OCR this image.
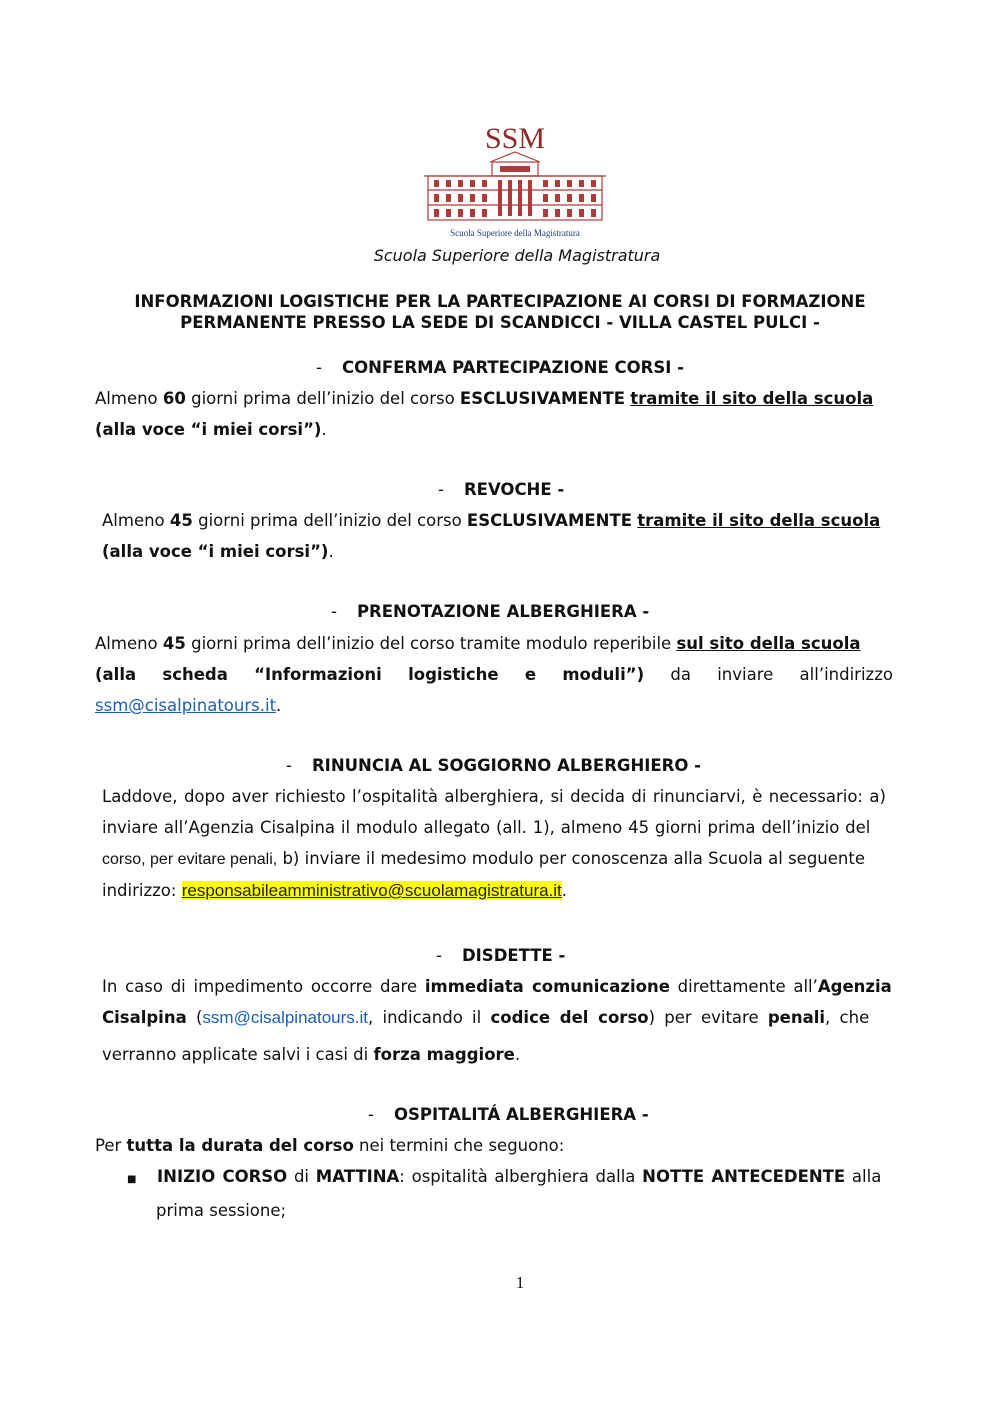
SSM
Scuola Superiore della Magistratura
Scuola Superiore della Magistratura
INFORMAZIONI LOGISTICHE PER LA PARTECIPAZIONE AI CORSI DI FORMAZIONE
PERMANENTE PRESSO LA SEDE DI SCANDICCI - VILLA CASTEL PULCI -
- CONFERMA PARTECIPAZIONE CORSI -
Almeno 60 giorni prima dell’inizio del corso ESCLUSIVAMENTE tramite il sito della scuola
(alla voce “i miei corsi”).
- REVOCHE -
Almeno 45 giorni prima dell’inizio del corso ESCLUSIVAMENTE tramite il sito della scuola
(alla voce “i miei corsi”).
- PRENOTAZIONE ALBERGHIERA -
Almeno 45 giorni prima dell’inizio del corso tramite modulo reperibile sul sito della scuola
(alla scheda “Informazioni logistiche e moduli”) da inviare all’indirizzo
ssm@cisalpinatours.it.
- RINUNCIA AL SOGGIORNO ALBERGHIERO -
Laddove, dopo aver richiesto l’ospitalità alberghiera, si decida di rinunciarvi, è necessario: a)
inviare all’Agenzia Cisalpina il modulo allegato (all. 1), almeno 45 giorni prima dell’inizio del
corso, per evitare penali, b) inviare il medesimo modulo per conoscenza alla Scuola al seguente
indirizzo: responsabileamministrativo@scuolamagistratura.it.
- DISDETTE -
In caso di impedimento occorre dare immediata comunicazione direttamente all’Agenzia
Cisalpina (ssm@cisalpinatours.it, indicando il codice del corso) per evitare penali, che
verranno applicate salvi i casi di forza maggiore.
- OSPITALITÁ ALBERGHIERA -
Per tutta la durata del corso nei termini che seguono:
■ INIZIO CORSO di MATTINA: ospitalità alberghiera dalla NOTTE ANTECEDENTE alla
prima sessione;
1
